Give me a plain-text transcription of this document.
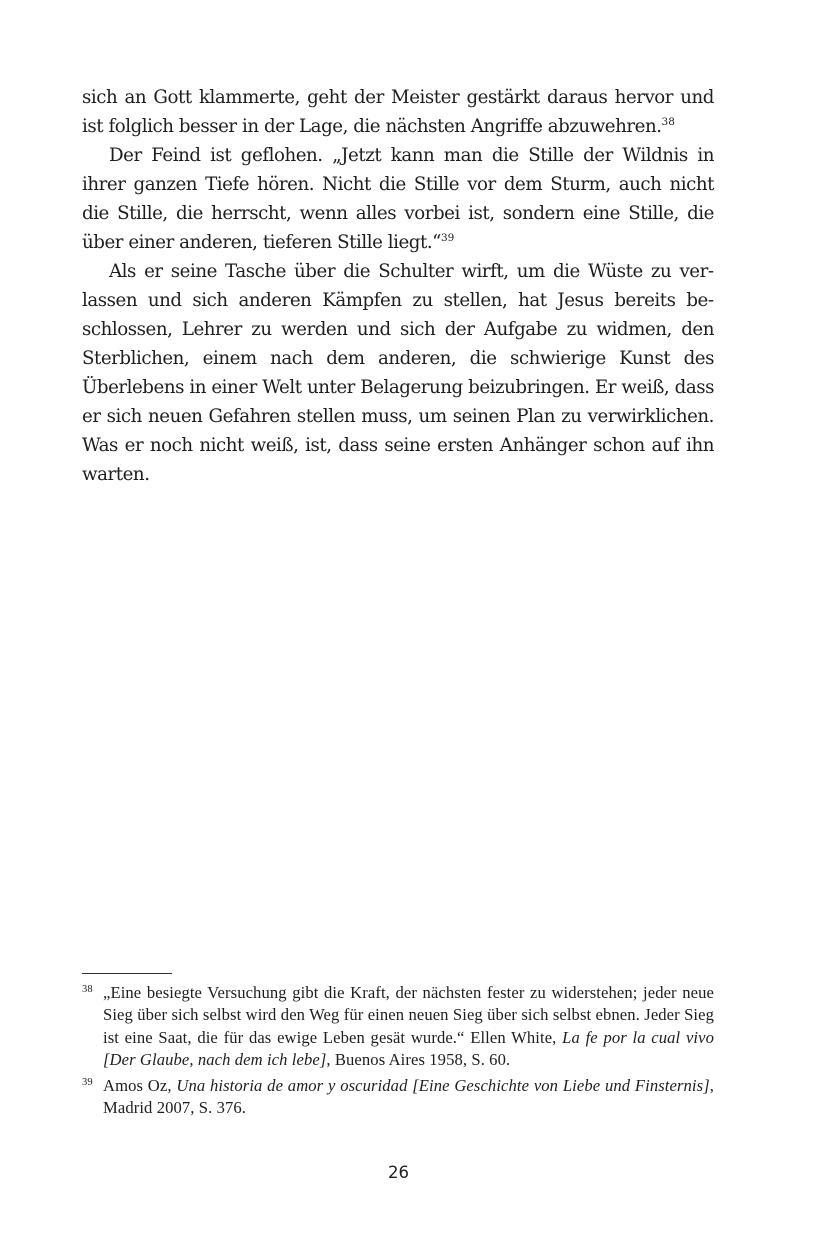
sich an Gott klammerte, geht der Meister gestärkt daraus hervor und ist folglich besser in der Lage, die nächsten Angriffe abzuwehren.$^{38}$

Der Feind ist geflohen. „Jetzt kann man die Stille der Wildnis in ihrer ganzen Tiefe hören. Nicht die Stille vor dem Sturm, auch nicht die Stille, die herrscht, wenn alles vorbei ist, sondern eine Stille, die über einer anderen, tieferen Stille liegt.“$^{39}$

Als er seine Tasche über die Schulter wirft, um die Wüste zu verlassen und sich anderen Kämpfen zu stellen, hat Jesus bereits beschlossen, Lehrer zu werden und sich der Aufgabe zu widmen, den Sterblichen, einem nach dem anderen, die schwierige Kunst des Überlebens in einer Welt unter Belagerung beizubringen. Er weiß, dass er sich neuen Gefahren stellen muss, um seinen Plan zu verwirklichen. Was er noch nicht weiß, ist, dass seine ersten Anhänger schon auf ihn warten.

38 „Eine besiegte Versuchung gibt die Kraft, der nächsten fester zu widerstehen; jeder neue Sieg über sich selbst wird den Weg für einen neuen Sieg über sich selbst ebnen. Jeder Sieg ist eine Saat, die für das ewige Leben gesät wurde.“ Ellen White, La fe por la cual vivo [Der Glaube, nach dem ich lebe], Buenos Aires 1958, S. 60.
39 Amos Oz, Una historia de amor y oscuridad [Eine Geschichte von Liebe und Finsternis], Madrid 2007, S. 376.
26
